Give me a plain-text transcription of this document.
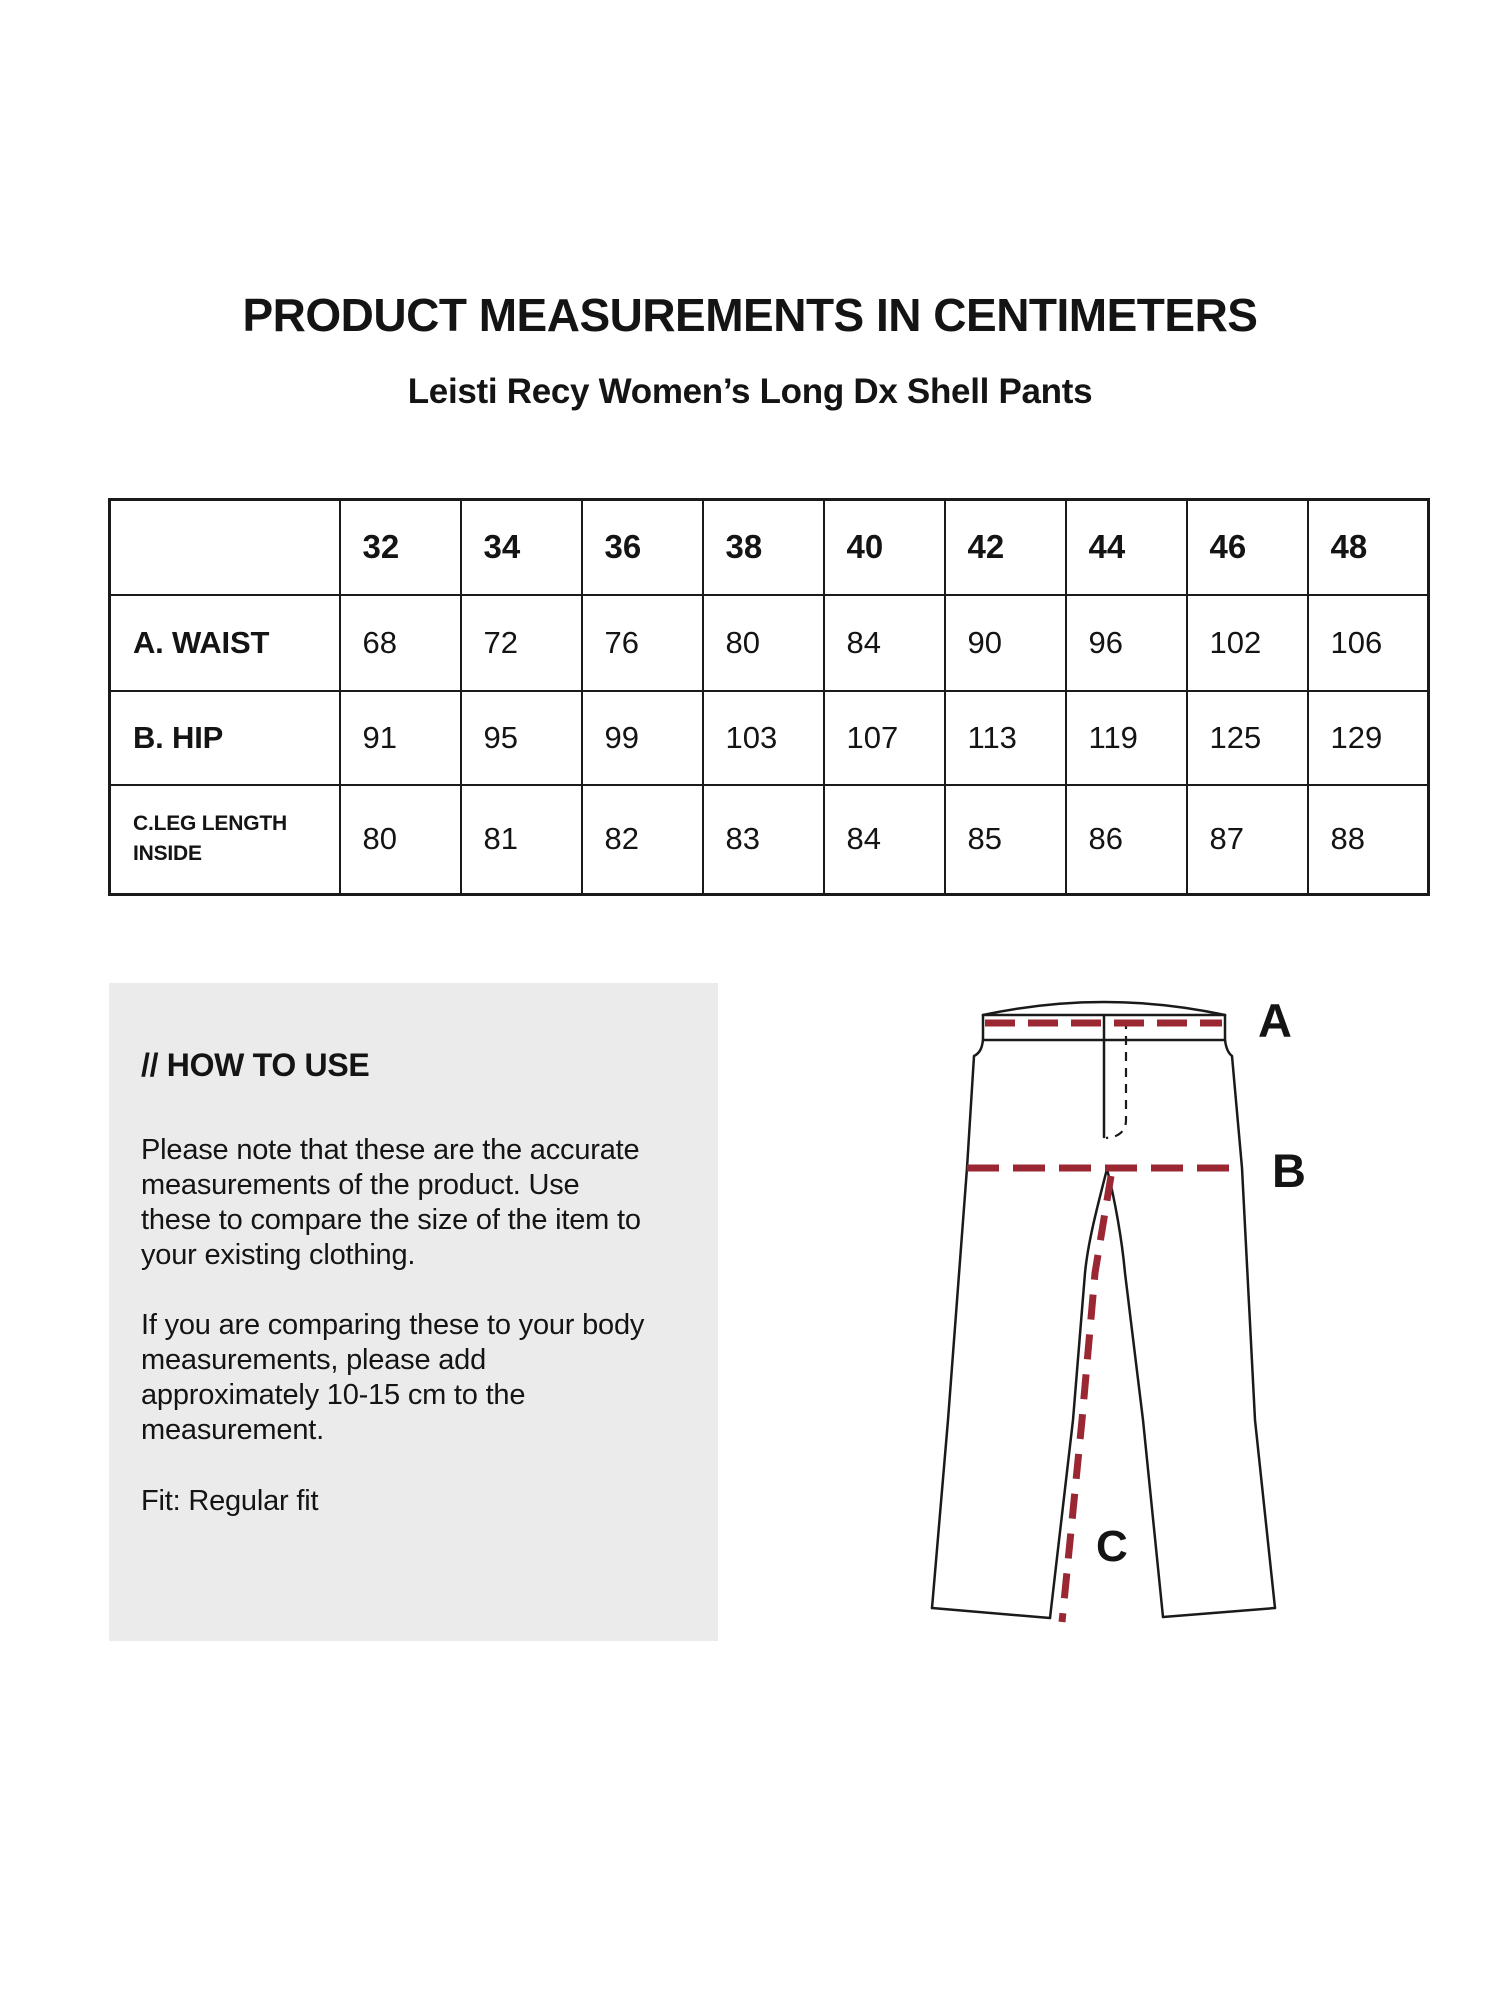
PRODUCT MEASUREMENTS IN CENTIMETERS
Leisti Recy Women’s Long Dx Shell Pants
	32	34	36	38	40	42	44	46	48
A. WAIST	68	72	76	80	84	90	96	102	106
B. HIP	91	95	99	103	107	113	119	125	129
C.LEG LENGTH INSIDE	80	81	82	83	84	85	86	87	88
// HOW TO USE

Please note that these are the accurate measurements of the product. Use these to compare the size of the item to your existing clothing.

If you are comparing these to your body measurements, please add approximately 10-15 cm to the measurement.

Fit: Regular fit

A
B
C
